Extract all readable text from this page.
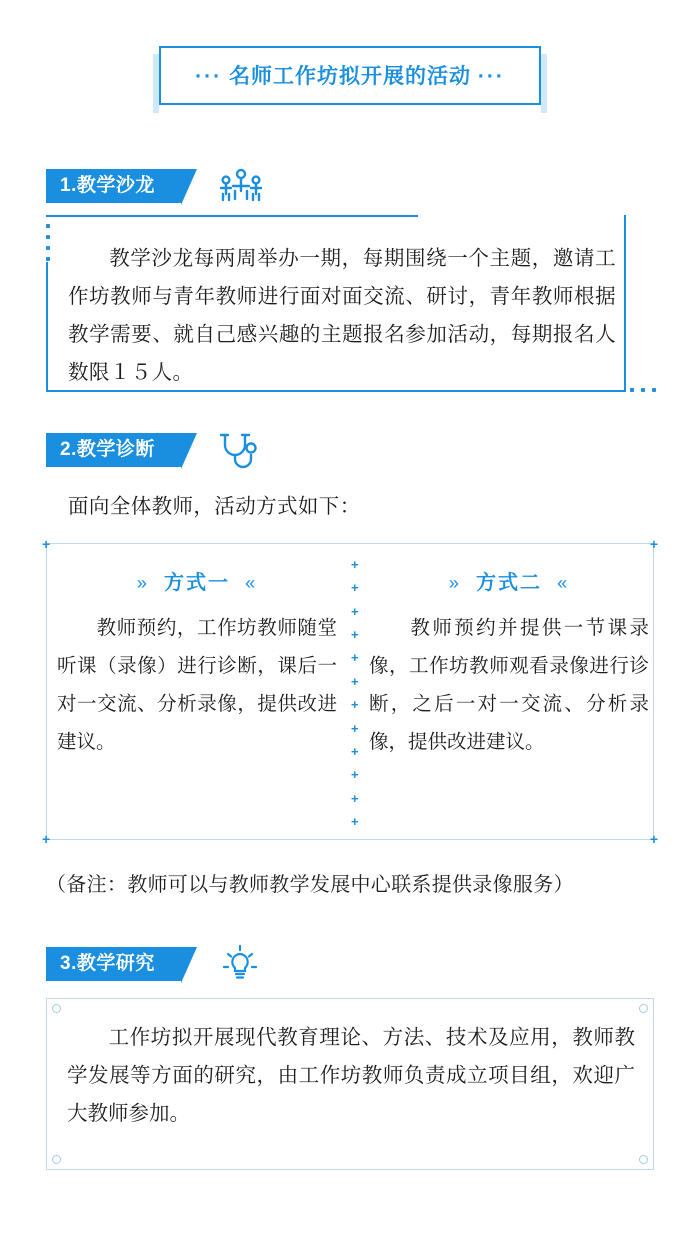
··· 名师工作坊拟开展的活动 ···
1.教学沙龙
教学沙龙每两周举办一期，每期围绕一个主题，邀请工作坊教师与青年教师进行面对面交流、研讨，青年教师根据教学需要、就自己感兴趣的主题报名参加活动，每期报名人数限１５人。
2.教学诊断
面向全体教师，活动方式如下：
+	+
+	+
» 方式一 «
教师预约，工作坊教师随堂听课（录像）进行诊断，课后一对一交流、分析录像，提供改进建议。
+
+
+
+
+
+
+
+
+
+
+
+
» 方式二 «
教师预约并提供一节课录像，工作坊教师观看录像进行诊断，之后一对一交流、分析录像，提供改进建议。
（备注：教师可以与教师教学发展中心联系提供录像服务）
3.教学研究
工作坊拟开展现代教育理论、方法、技术及应用，教师教学发展等方面的研究，由工作坊教师负责成立项目组，欢迎广大教师参加。
